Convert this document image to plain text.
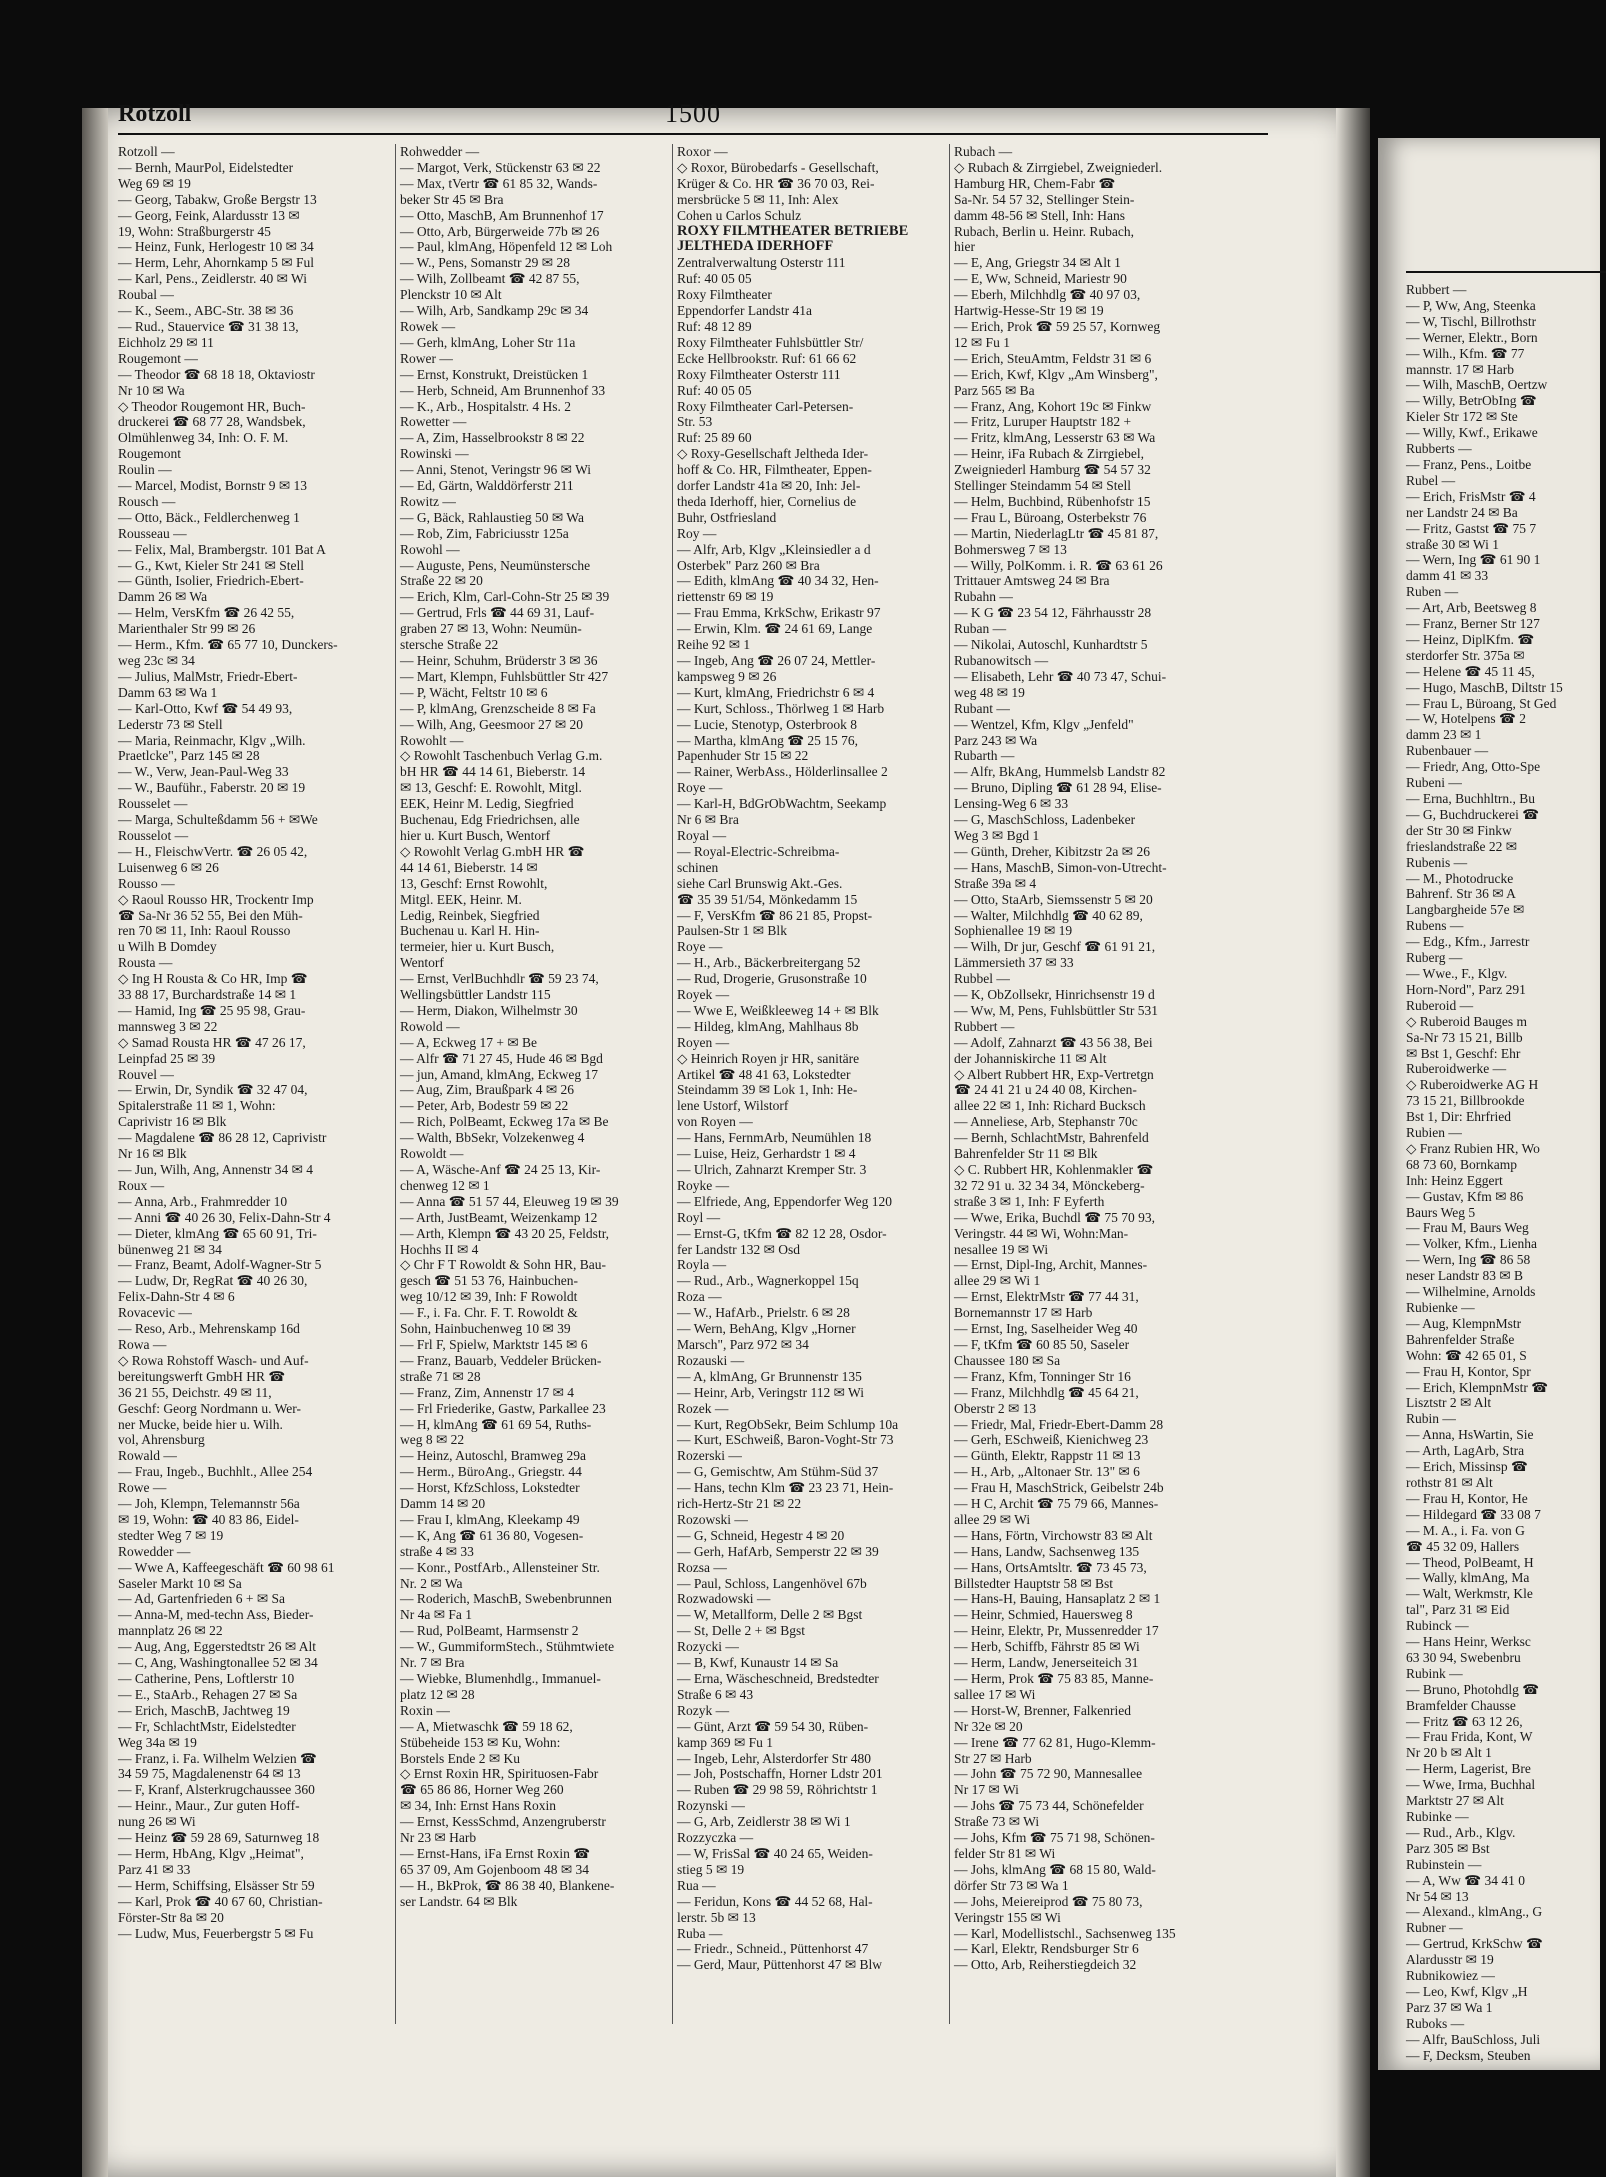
Rubbert —
— P, Ww, Ang, Steenka
— W, Tischl, Billrothstr
— Werner, Elektr., Born
— Wilh., Kfm. ☎ 77
mannstr. 17 ✉ Harb
— Wilh, MaschB, Oertzw
— Willy, BetrObIng ☎
Kieler Str 172 ✉ Ste
— Willy, Kwf., Erikawe
Rubberts —
— Franz, Pens., Loitbe
Rubel —
— Erich, FrisMstr ☎ 4
ner Landstr 24 ✉ Ba
— Fritz, Gastst ☎ 75 7
straße 30 ✉ Wi 1
— Wern, Ing ☎ 61 90 1
damm 41 ✉ 33
Ruben —
— Art, Arb, Beetsweg 8
— Franz, Berner Str 127
— Heinz, DiplKfm. ☎
sterdorfer Str. 375a ✉
— Helene ☎ 45 11 45,
— Hugo, MaschB, Diltstr 15
— Frau L, Büroang, St Ged
— W, Hotelpens ☎ 2
damm 23 ✉ 1
Rubenbauer —
— Friedr, Ang, Otto-Spe
Rubeni —
— Erna, Buchhltrn., Bu
— G, Buchdruckerei ☎
der Str 30 ✉ Finkw
frieslandstraße 22 ✉
Rubenis —
— M., Photodrucke
Bahrenf. Str 36 ✉ A
Langbargheide 57e ✉
Rubens —
— Edg., Kfm., Jarrestr
Ruberg —
— Wwe., F., Klgv.
Horn-Nord", Parz 291
Ruberoid —
◇ Ruberoid Bauges m
Sa-Nr 73 15 21, Billb
✉ Bst 1, Geschf: Ehr
Ruberoidwerke —
◇ Ruberoidwerke AG H
73 15 21, Billbrookde
Bst 1, Dir: Ehrfried
Rubien —
◇ Franz Rubien HR, Wo
68 73 60, Bornkamp
Inh: Heinz Eggert
— Gustav, Kfm ✉ 86
Baurs Weg 5
— Frau M, Baurs Weg
— Volker, Kfm., Lienha
— Wern, Ing ☎ 86 58
neser Landstr 83 ✉ B
— Wilhelmine, Arnolds
Rubienke —
— Aug, KlempnMstr
Bahrenfelder Straße
Wohn: ☎ 42 65 01, S
— Frau H, Kontor, Spr
— Erich, KlempnMstr ☎
Lisztstr 2 ✉ Alt
Rubin —
— Anna, HsWartin, Sie
— Arth, LagArb, Stra
— Erich, Missinsp ☎
rothstr 81 ✉ Alt
— Frau H, Kontor, He
— Hildegard ☎ 33 08 7
— M. A., i. Fa. von G
☎ 45 32 09, Hallers
— Theod, PolBeamt, H
— Wally, klmAng, Ma
— Walt, Werkmstr, Kle
tal", Parz 31 ✉ Eid
Rubinck —
— Hans Heinr, Werksc
63 30 94, Swebenbru
Rubink —
— Bruno, Photohdlg ☎
Bramfelder Chausse
— Fritz ☎ 63 12 26,
— Frau Frida, Kont, W
Nr 20 b ✉ Alt 1
— Herm, Lagerist, Bre
— Wwe, Irma, Buchhal
Marktstr 27 ✉ Alt
Rubinke —
— Rud., Arb., Klgv.
Parz 305 ✉ Bst
Rubinstein —
— A, Ww ☎ 34 41 0
Nr 54 ✉ 13
— Alexand., klmAng., G
Rubner —
— Gertrud, KrkSchw ☎
Alardusstr ✉ 19
Rubnikowiez —
— Leo, Kwf, Klgv „H
Parz 37 ✉ Wa 1
Ruboks —
— Alfr, BauSchloss, Juli
— F, Decksm, Steuben
Rotzoll	1500
Rotzoll —
— Bernh, MaurPol, Eidelstedter
Weg 69 ✉ 19
— Georg, Tabakw, Große Bergstr 13
— Georg, Feink, Alardusstr 13 ✉
19, Wohn: Straßburgerstr 45
— Heinz, Funk, Herlogestr 10 ✉ 34
— Herm, Lehr, Ahornkamp 5 ✉ Ful
— Karl, Pens., Zeidlerstr. 40 ✉ Wi
Roubal —
— K., Seem., ABC-Str. 38 ✉ 36
— Rud., Stauervice ☎ 31 38 13,
Eichholz 29 ✉ 11
Rougemont —
— Theodor ☎ 68 18 18, Oktaviostr
Nr 10 ✉ Wa
◇ Theodor Rougemont HR, Buch-
druckerei ☎ 68 77 28, Wandsbek,
Olmühlenweg 34, Inh: O. F. M.
Rougemont
Roulin —
— Marcel, Modist, Bornstr 9 ✉ 13
Rousch —
— Otto, Bäck., Feldlerchenweg 1
Rousseau —
— Felix, Mal, Brambergstr. 101 Bat A
— G., Kwt, Kieler Str 241 ✉ Stell
— Günth, Isolier, Friedrich-Ebert-
Damm 26 ✉ Wa
— Helm, VersKfm ☎ 26 42 55,
Marienthaler Str 99 ✉ 26
— Herm., Kfm. ☎ 65 77 10, Dunckers-
weg 23c ✉ 34
— Julius, MalMstr, Friedr-Ebert-
Damm 63 ✉ Wa 1
— Karl-Otto, Kwf ☎ 54 49 93,
Lederstr 73 ✉ Stell
— Maria, Reinmachr, Klgv „Wilh.
Praetlcke", Parz 145 ✉ 28
— W., Verw, Jean-Paul-Weg 33
— W., Bauführ., Faberstr. 20 ✉ 19
Rousselet —
— Marga, Schulteßdamm 56 + ✉We
Rousselot —
— H., FleischwVertr. ☎ 26 05 42,
Luisenweg 6 ✉ 26
Rousso —
◇ Raoul Rousso HR, Trockentr Imp
☎ Sa-Nr 36 52 55, Bei den Müh-
ren 70 ✉ 11, Inh: Raoul Rousso
u Wilh B Domdey
Rousta —
◇ Ing H Rousta & Co HR, Imp ☎
33 88 17, Burchardstraße 14 ✉ 1
— Hamid, Ing ☎ 25 95 98, Grau-
mannsweg 3 ✉ 22
◇ Samad Rousta HR ☎ 47 26 17,
Leinpfad 25 ✉ 39
Rouvel —
— Erwin, Dr, Syndik ☎ 32 47 04,
Spitalerstraße 11 ✉ 1, Wohn:
Caprivistr 16 ✉ Blk
— Magdalene ☎ 86 28 12, Caprivistr
Nr 16 ✉ Blk
— Jun, Wilh, Ang, Annenstr 34 ✉ 4
Roux —
— Anna, Arb., Frahmredder 10
— Anni ☎ 40 26 30, Felix-Dahn-Str 4
— Dieter, klmAng ☎ 65 60 91, Tri-
bünenweg 21 ✉ 34
— Franz, Beamt, Adolf-Wagner-Str 5
— Ludw, Dr, RegRat ☎ 40 26 30,
Felix-Dahn-Str 4 ✉ 6
Rovacevic —
— Reso, Arb., Mehrenskamp 16d
Rowa —
◇ Rowa Rohstoff Wasch- und Auf-
bereitungswerft GmbH HR ☎
36 21 55, Deichstr. 49 ✉ 11,
Geschf: Georg Nordmann u. Wer-
ner Mucke, beide hier u. Wilh.
vol, Ahrensburg
Rowald —
— Frau, Ingeb., Buchhlt., Allee 254
Rowe —
— Joh, Klempn, Telemannstr 56a
✉ 19, Wohn: ☎ 40 83 86, Eidel-
stedter Weg 7 ✉ 19
Rowedder —
— Wwe A, Kaffeegeschäft ☎ 60 98 61
Saseler Markt 10 ✉ Sa
— Ad, Gartenfrieden 6 + ✉ Sa
— Anna-M, med-techn Ass, Bieder-
mannplatz 26 ✉ 22
— Aug, Ang, Eggerstedtstr 26 ✉ Alt
— C, Ang, Washingtonallee 52 ✉ 34
— Catherine, Pens, Loftlerstr 10
— E., StaArb., Rehagen 27 ✉ Sa
— Erich, MaschB, Jachtweg 19
— Fr, SchlachtMstr, Eidelstedter
Weg 34a ✉ 19
— Franz, i. Fa. Wilhelm Welzien ☎
34 59 75, Magdalenenstr 64 ✉ 13
— F, Kranf, Alsterkrugchaussee 360
— Heinr., Maur., Zur guten Hoff-
nung 26 ✉ Wi
— Heinz ☎ 59 28 69, Saturnweg 18
— Herm, HbAng, Klgv „Heimat",
Parz 41 ✉ 33
— Herm, Schiffsing, Elsässer Str 59
— Karl, Prok ☎ 40 67 60, Christian-
Förster-Str 8a ✉ 20
— Ludw, Mus, Feuerbergstr 5 ✉ Fu
Rohwedder —
— Margot, Verk, Stückenstr 63 ✉ 22
— Max, tVertr ☎ 61 85 32, Wands-
beker Str 45 ✉ Bra
— Otto, MaschB, Am Brunnenhof 17
— Otto, Arb, Bürgerweide 77b ✉ 26
— Paul, klmAng, Höpenfeld 12 ✉ Loh
— W., Pens, Somanstr 29 ✉ 28
— Wilh, Zollbeamt ☎ 42 87 55,
Plenckstr 10 ✉ Alt
— Wilh, Arb, Sandkamp 29c ✉ 34
Rowek —
— Gerh, klmAng, Loher Str 11a
Rower —
— Ernst, Konstrukt, Dreistücken 1
— Herb, Schneid, Am Brunnenhof 33
— K., Arb., Hospitalstr. 4 Hs. 2
Rowetter —
— A, Zim, Hasselbrookstr 8 ✉ 22
Rowinski —
— Anni, Stenot, Veringstr 96 ✉ Wi
— Ed, Gärtn, Walddörferstr 211
Rowitz —
— G, Bäck, Rahlaustieg 50 ✉ Wa
— Rob, Zim, Fabriciusstr 125a
Rowohl —
— Auguste, Pens, Neumünstersche
Straße 22 ✉ 20
— Erich, Klm, Carl-Cohn-Str 25 ✉ 39
— Gertrud, Frls ☎ 44 69 31, Lauf-
graben 27 ✉ 13, Wohn: Neumün-
stersche Straße 22
— Heinr, Schuhm, Brüderstr 3 ✉ 36
— Mart, Klempn, Fuhlsbüttler Str 427
— P, Wächt, Feltstr 10 ✉ 6
— P, klmAng, Grenzscheide 8 ✉ Fa
— Wilh, Ang, Geesmoor 27 ✉ 20
Rowohlt —
◇ Rowohlt Taschenbuch Verlag G.m.
bH HR ☎ 44 14 61, Bieberstr. 14
✉ 13, Geschf: E. Rowohlt, Mitgl.
EEK, Heinr M. Ledig, Siegfried
Buchenau, Edg Friedrichsen, alle
hier u. Kurt Busch, Wentorf
◇ Rowohlt Verlag G.mbH HR ☎
44 14 61, Bieberstr. 14 ✉
13, Geschf: Ernst Rowohlt,
Mitgl. EEK, Heinr. M.
Ledig, Reinbek, Siegfried
Buchenau u. Karl H. Hin-
termeier, hier u. Kurt Busch,
Wentorf
— Ernst, VerlBuchhdlr ☎ 59 23 74,
Wellingsbüttler Landstr 115
— Herm, Diakon, Wilhelmstr 30
Rowold —
— A, Eckweg 17 + ✉ Be
— Alfr ☎ 71 27 45, Hude 46 ✉ Bgd
— jun, Amand, klmAng, Eckweg 17
— Aug, Zim, Braußpark 4 ✉ 26
— Peter, Arb, Bodestr 59 ✉ 22
— Rich, PolBeamt, Eckweg 17a ✉ Be
— Walth, BbSekr, Volzekenweg 4
Rowoldt —
— A, Wäsche-Anf ☎ 24 25 13, Kir-
chenweg 12 ✉ 1
— Anna ☎ 51 57 44, Eleuweg 19 ✉ 39
— Arth, JustBeamt, Weizenkamp 12
— Arth, Klempn ☎ 43 20 25, Feldstr,
Hochhs II ✉ 4
◇ Chr F T Rowoldt & Sohn HR, Bau-
gesch ☎ 51 53 76, Hainbuchen-
weg 10/12 ✉ 39, Inh: F Rowoldt
— F., i. Fa. Chr. F. T. Rowoldt &
Sohn, Hainbuchenweg 10 ✉ 39
— Frl F, Spielw, Marktstr 145 ✉ 6
— Franz, Bauarb, Veddeler Brücken-
straße 71 ✉ 28
— Franz, Zim, Annenstr 17 ✉ 4
— Frl Friederike, Gastw, Parkallee 23
— H, klmAng ☎ 61 69 54, Ruths-
weg 8 ✉ 22
— Heinz, Autoschl, Bramweg 29a
— Herm., BüroAng., Griegstr. 44
— Horst, KfzSchloss, Lokstedter
Damm 14 ✉ 20
— Frau I, klmAng, Kleekamp 49
— K, Ang ☎ 61 36 80, Vogesen-
straße 4 ✉ 33
— Konr., PostfArb., Allensteiner Str.
Nr. 2 ✉ Wa
— Roderich, MaschB, Swebenbrunnen
Nr 4a ✉ Fa 1
— Rud, PolBeamt, Harmsenstr 2
— W., GummiformStech., Stühmtwiete
Nr. 7 ✉ Bra
— Wiebke, Blumenhdlg., Immanuel-
platz 12 ✉ 28
Roxin —
— A, Mietwaschk ☎ 59 18 62,
Stübeheide 153 ✉ Ku, Wohn:
Borstels Ende 2 ✉ Ku
◇ Ernst Roxin HR, Spirituosen-Fabr
☎ 65 86 86, Horner Weg 260
✉ 34, Inh: Ernst Hans Roxin
— Ernst, KessSchmd, Anzengruberstr
Nr 23 ✉ Harb
— Ernst-Hans, iFa Ernst Roxin ☎
65 37 09, Am Gojenboom 48 ✉ 34
— H., BkProk, ☎ 86 38 40, Blankene-
ser Landstr. 64 ✉ Blk
Roxor —
◇ Roxor, Bürobedarfs - Gesellschaft,
Krüger & Co. HR ☎ 36 70 03, Rei-
mersbrücke 5 ✉ 11, Inh: Alex
Cohen u Carlos Schulz
ROXY FILMTHEATER BETRIEBE
JELTHEDA IDERHOFF
Zentralverwaltung Osterstr 111
Ruf: 40 05 05
Roxy Filmtheater
Eppendorfer Landstr 41a
Ruf: 48 12 89
Roxy Filmtheater Fuhlsbüttler Str/
Ecke Hellbrookstr. Ruf: 61 66 62
Roxy Filmtheater Osterstr 111
Ruf: 40 05 05
Roxy Filmtheater Carl-Petersen-
Str. 53
Ruf: 25 89 60
◇ Roxy-Gesellschaft Jeltheda Ider-
hoff & Co. HR, Filmtheater, Eppen-
dorfer Landstr 41a ✉ 20, Inh: Jel-
theda Iderhoff, hier, Cornelius de
Buhr, Ostfriesland
Roy —
— Alfr, Arb, Klgv „Kleinsiedler a d
Osterbek" Parz 260 ✉ Bra
— Edith, klmAng ☎ 40 34 32, Hen-
riettenstr 69 ✉ 19
— Frau Emma, KrkSchw, Erikastr 97
— Erwin, Klm. ☎ 24 61 69, Lange
Reihe 92 ✉ 1
— Ingeb, Ang ☎ 26 07 24, Mettler-
kampsweg 9 ✉ 26
— Kurt, klmAng, Friedrichstr 6 ✉ 4
— Kurt, Schloss., Thörlweg 1 ✉ Harb
— Lucie, Stenotyp, Osterbrook 8
— Martha, klmAng ☎ 25 15 76,
Papenhuder Str 15 ✉ 22
— Rainer, WerbAss., Hölderlinsallee 2
Roye —
— Karl-H, BdGrObWachtm, Seekamp
Nr 6 ✉ Bra
Royal —
— Royal-Electric-Schreibma-
schinen
siehe Carl Brunswig Akt.-Ges.
☎ 35 39 51/54, Mönkedamm 15
— F, VersKfm ☎ 86 21 85, Propst-
Paulsen-Str 1 ✉ Blk
Roye —
— H., Arb., Bäckerbreitergang 52
— Rud, Drogerie, Grusonstraße 10
Royek —
— Wwe E, Weißkleeweg 14 + ✉ Blk
— Hildeg, klmAng, Mahlhaus 8b
Royen —
◇ Heinrich Royen jr HR, sanitäre
Artikel ☎ 48 41 63, Lokstedter
Steindamm 39 ✉ Lok 1, Inh: He-
lene Ustorf, Wilstorf
von Royen —
— Hans, FernmArb, Neumühlen 18
— Luise, Heiz, Gerhardstr 1 ✉ 4
— Ulrich, Zahnarzt Kremper Str. 3
Royke —
— Elfriede, Ang, Eppendorfer Weg 120
Royl —
— Ernst-G, tKfm ☎ 82 12 28, Osdor-
fer Landstr 132 ✉ Osd
Royla —
— Rud., Arb., Wagnerkoppel 15q
Roza —
— W., HafArb., Prielstr. 6 ✉ 28
— Wern, BehAng, Klgv „Horner
Marsch", Parz 972 ✉ 34
Rozauski —
— A, klmAng, Gr Brunnenstr 135
— Heinr, Arb, Veringstr 112 ✉ Wi
Rozek —
— Kurt, RegObSekr, Beim Schlump 10a
— Kurt, ESchweiß, Baron-Voght-Str 73
Rozerski —
— G, Gemischtw, Am Stühm-Süd 37
— Hans, techn Klm ☎ 23 23 71, Hein-
rich-Hertz-Str 21 ✉ 22
Rozowski —
— G, Schneid, Hegestr 4 ✉ 20
— Gerh, HafArb, Semperstr 22 ✉ 39
Rozsa —
— Paul, Schloss, Langenhövel 67b
Rozwadowski —
— W, Metallform, Delle 2 ✉ Bgst
— St, Delle 2 + ✉ Bgst
Rozycki —
— B, Kwf, Kunaustr 14 ✉ Sa
— Erna, Wäscheschneid, Bredstedter
Straße 6 ✉ 43
Rozyk —
— Günt, Arzt ☎ 59 54 30, Rüben-
kamp 369 ✉ Fu 1
— Ingeb, Lehr, Alsterdorfer Str 480
— Joh, Postschaffn, Horner Ldstr 201
— Ruben ☎ 29 98 59, Röhrichtstr 1
Rozynski —
— G, Arb, Zeidlerstr 38 ✉ Wi 1
Rozzyczka —
— W, FrisSal ☎ 40 24 65, Weiden-
stieg 5 ✉ 19
Rua —
— Feridun, Kons ☎ 44 52 68, Hal-
lerstr. 5b ✉ 13
Ruba —
— Friedr., Schneid., Püttenhorst 47
— Gerd, Maur, Püttenhorst 47 ✉ Blw
Rubach —
◇ Rubach & Zirrgiebel, Zweigniederl.
Hamburg HR, Chem-Fabr ☎
Sa-Nr. 54 57 32, Stellinger Stein-
damm 48-56 ✉ Stell, Inh: Hans
Rubach, Berlin u. Heinr. Rubach,
hier
— E, Ang, Griegstr 34 ✉ Alt 1
— E, Ww, Schneid, Mariestr 90
— Eberh, Milchhdlg ☎ 40 97 03,
Hartwig-Hesse-Str 19 ✉ 19
— Erich, Prok ☎ 59 25 57, Kornweg
12 ✉ Fu 1
— Erich, SteuAmtm, Feldstr 31 ✉ 6
— Erich, Kwf, Klgv „Am Winsberg",
Parz 565 ✉ Ba
— Franz, Ang, Kohort 19c ✉ Finkw
— Fritz, Luruper Hauptstr 182 +
— Fritz, klmAng, Lesserstr 63 ✉ Wa
— Heinr, iFa Rubach & Zirrgiebel,
Zweigniederl Hamburg ☎ 54 57 32
Stellinger Steindamm 54 ✉ Stell
— Helm, Buchbind, Rübenhofstr 15
— Frau L, Büroang, Osterbekstr 76
— Martin, NiederlagLtr ☎ 45 81 87,
Bohmersweg 7 ✉ 13
— Willy, PolKomm. i. R. ☎ 63 61 26
Trittauer Amtsweg 24 ✉ Bra
Rubahn —
— K G ☎ 23 54 12, Fährhausstr 28
Ruban —
— Nikolai, Autoschl, Kunhardtstr 5
Rubanowitsch —
— Elisabeth, Lehr ☎ 40 73 47, Schui-
weg 48 ✉ 19
Rubant —
— Wentzel, Kfm, Klgv „Jenfeld"
Parz 243 ✉ Wa
Rubarth —
— Alfr, BkAng, Hummelsb Landstr 82
— Bruno, Dipling ☎ 61 28 94, Elise-
Lensing-Weg 6 ✉ 33
— G, MaschSchloss, Ladenbeker
Weg 3 ✉ Bgd 1
— Günth, Dreher, Kibitzstr 2a ✉ 26
— Hans, MaschB, Simon-von-Utrecht-
Straße 39a ✉ 4
— Otto, StaArb, Siemssenstr 5 ✉ 20
— Walter, Milchhdlg ☎ 40 62 89,
Sophienallee 19 ✉ 19
— Wilh, Dr jur, Geschf ☎ 61 91 21,
Lämmersieth 37 ✉ 33
Rubbel —
— K, ObZollsekr, Hinrichsenstr 19 d
— Ww, M, Pens, Fuhlsbüttler Str 531
Rubbert —
— Adolf, Zahnarzt ☎ 43 56 38, Bei
der Johanniskirche 11 ✉ Alt
◇ Albert Rubbert HR, Exp-Vertretgn
☎ 24 41 21 u 24 40 08, Kirchen-
allee 22 ✉ 1, Inh: Richard Bucksch
— Anneliese, Arb, Stephanstr 70c
— Bernh, SchlachtMstr, Bahrenfeld
Bahrenfelder Str 11 ✉ Blk
◇ C. Rubbert HR, Kohlenmakler ☎
32 72 91 u. 32 34 34, Mönckeberg-
straße 3 ✉ 1, Inh: F Eyferth
— Wwe, Erika, Buchdl ☎ 75 70 93,
Veringstr. 44 ✉ Wi, Wohn:Man-
nesallee 19 ✉ Wi
— Ernst, Dipl-Ing, Archit, Mannes-
allee 29 ✉ Wi 1
— Ernst, ElektrMstr ☎ 77 44 31,
Bornemannstr 17 ✉ Harb
— Ernst, Ing, Saselheider Weg 40
— F, tKfm ☎ 60 85 50, Saseler
Chaussee 180 ✉ Sa
— Franz, Kfm, Tonninger Str 16
— Franz, Milchhdlg ☎ 45 64 21,
Oberstr 2 ✉ 13
— Friedr, Mal, Friedr-Ebert-Damm 28
— Gerh, ESchweiß, Kienichweg 23
— Günth, Elektr, Rappstr 11 ✉ 13
— H., Arb, „Altonaer Str. 13" ✉ 6
— Frau H, MaschStrick, Geibelstr 24b
— H C, Archit ☎ 75 79 66, Mannes-
allee 29 ✉ Wi
— Hans, Förtn, Virchowstr 83 ✉ Alt
— Hans, Landw, Sachsenweg 135
— Hans, OrtsAmtsltr. ☎ 73 45 73,
Billstedter Hauptstr 58 ✉ Bst
— Hans-H, Bauing, Hansaplatz 2 ✉ 1
— Heinr, Schmied, Hauersweg 8
— Heinr, Elektr, Pr, Mussenredder 17
— Herb, Schiffb, Fährstr 85 ✉ Wi
— Herm, Landw, Jenerseiteich 31
— Herm, Prok ☎ 75 83 85, Manne-
sallee 17 ✉ Wi
— Horst-W, Brenner, Falkenried
Nr 32e ✉ 20
— Irene ☎ 77 62 81, Hugo-Klemm-
Str 27 ✉ Harb
— John ☎ 75 72 90, Mannesallee
Nr 17 ✉ Wi
— Johs ☎ 75 73 44, Schönefelder
Straße 73 ✉ Wi
— Johs, Kfm ☎ 75 71 98, Schönen-
felder Str 81 ✉ Wi
— Johs, klmAng ☎ 68 15 80, Wald-
dörfer Str 73 ✉ Wa 1
— Johs, Meiereiprod ☎ 75 80 73,
Veringstr 155 ✉ Wi
— Karl, Modellistschl., Sachsenweg 135
— Karl, Elektr, Rendsburger Str 6
— Otto, Arb, Reiherstiegdeich 32
